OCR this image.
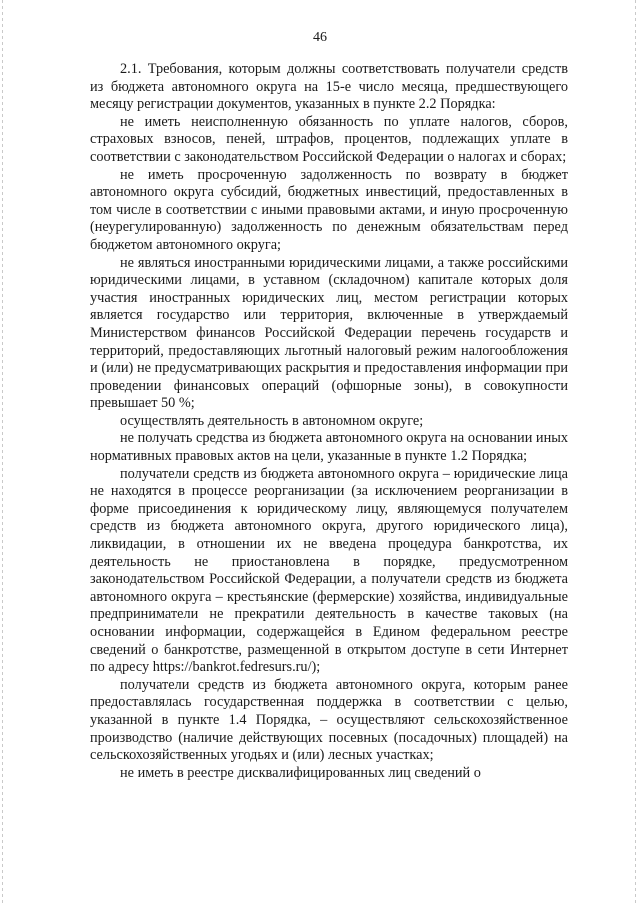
46

2.1. Требования, которым должны соответствовать получатели средств из бюджета автономного округа на 15-е число месяца, предшествующего месяцу регистрации документов, указанных в пункте 2.2 Порядка:

не иметь неисполненную обязанность по уплате налогов, сборов, страховых взносов, пеней, штрафов, процентов, подлежащих уплате в соответствии с законодательством Российской Федерации о налогах и сборах;

не иметь просроченную задолженность по возврату в бюджет автономного округа субсидий, бюджетных инвестиций, предоставленных в том числе в соответствии с иными правовыми актами, и иную просроченную (неурегулированную) задолженность по денежным обязательствам перед бюджетом автономного округа;

не являться иностранными юридическими лицами, а также российскими юридическими лицами, в уставном (складочном) капитале которых доля участия иностранных юридических лиц, местом регистрации которых является государство или территория, включенные в утверждаемый Министерством финансов Российской Федерации перечень государств и территорий, предоставляющих льготный налоговый режим налогообложения и (или) не предусматривающих раскрытия и предоставления информации при проведении финансовых операций (офшорные зоны), в совокупности превышает 50 %;

осуществлять деятельность в автономном округе;

не получать средства из бюджета автономного округа на основании иных нормативных правовых актов на цели, указанные в пункте 1.2 Порядка;

получатели средств из бюджета автономного округа – юридические лица не находятся в процессе реорганизации (за исключением реорганизации в форме присоединения к юридическому лицу, являющемуся получателем средств из бюджета автономного округа, другого юридического лица), ликвидации, в отношении их не введена процедура банкротства, их деятельность не приостановлена в порядке, предусмотренном законодательством Российской Федерации, а получатели средств из бюджета автономного округа – крестьянские (фермерские) хозяйства, индивидуальные предприниматели не прекратили деятельность в качестве таковых (на основании информации, содержащейся в Едином федеральном реестре сведений о банкротстве, размещенной в открытом доступе в сети Интернет по адресу https://bankrot.fedresurs.ru/);

получатели средств из бюджета автономного округа, которым ранее предоставлялась государственная поддержка в соответствии с целью, указанной в пункте 1.4 Порядка, – осуществляют сельскохозяйственное производство (наличие действующих посевных (посадочных) площадей) на сельскохозяйственных угодьях и (или) лесных участках;

не иметь в реестре дисквалифицированных лиц сведений о
